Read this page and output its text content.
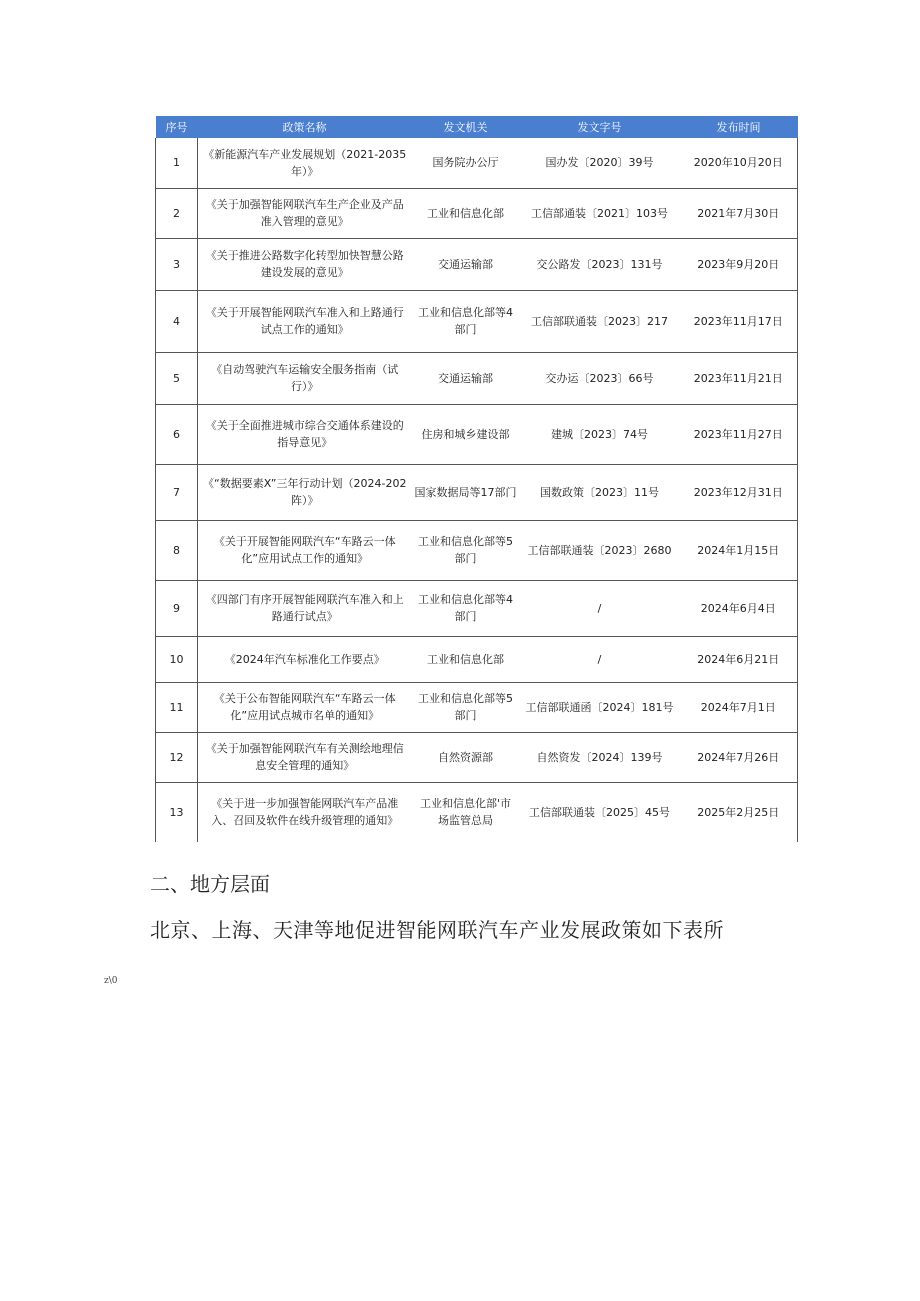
序号	政策名称	发文机关	发文字号	发布时间
1	《新能源汽车产业发展规划（2021-2035年）》	国务院办公厅	国办发〔2020〕39号	2020年10月20日
2	《关于加强智能网联汽车生产企业及产品准入管理的意见》	工业和信息化部	工信部通装〔2021〕103号	2021年7月30日
3	《关于推进公路数字化转型加快智慧公路建设发展的意见》	交通运输部	交公路发〔2023〕131号	2023年9月20日
4	《关于开展智能网联汽车准入和上路通行试点工作的通知》	工业和信息化部等4部门	工信部联通装〔2023〕217	2023年11月17日
5	《自动驾驶汽车运输安全服务指南（试行）》	交通运输部	交办运〔2023〕66号	2023年11月21日
6	《关于全面推进城市综合交通体系建设的指导意见》	住房和城乡建设部	建城〔2023〕74号	2023年11月27日
7	《“数据要素X”三年行动计划（2024-202阵）》	国家数据局等17部门	国数政策〔2023〕11号	2023年12月31日
8	《关于开展智能网联汽车“车路云一体化”应用试点工作的通知》	工业和信息化部等5部门	工信部联通装〔2023〕2680	2024年1月15日
9	《四部门有序开展智能网联汽车准入和上路通行试点》	工业和信息化部等4部门	/	2024年6月4日
10	《2024年汽车标准化工作要点》	工业和信息化部	/	2024年6月21日
11	《关于公布智能网联汽车“车路云一体化”应用试点城市名单的通知》	工业和信息化部等5部门	工信部联通函〔2024〕181号	2024年7月1日
12	《关于加强智能网联汽车有关测绘地理信息安全管理的通知》	自然资源部	自然资发〔2024〕139号	2024年7月26日
13	《关于进一步加强智能网联汽车产品准入、召回及软件在线升级管理的通知》	工业和信息化部'市场监管总局	工信部联通装〔2025〕45号	2025年2月25日
二、地方层面
北京、上海、天津等地促进智能网联汽车产业发展政策如下表所
z\0
